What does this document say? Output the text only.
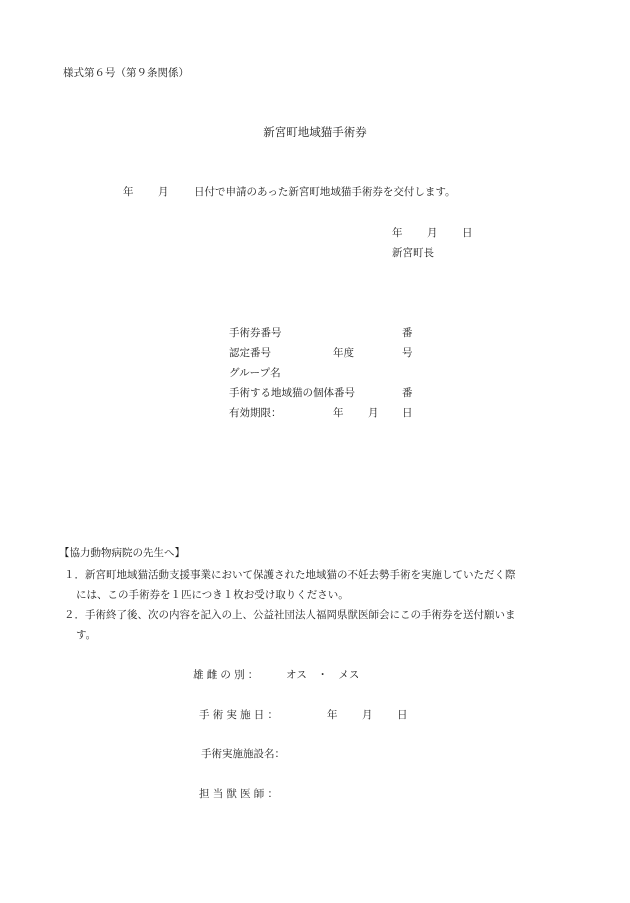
様式第６号（第９条関係）
新宮町地域猫手術券
年 月 日付で申請のあった新宮町地域猫手術券を交付します。
年 月 日
新宮町長
手術券番号	番
認定番号	年度	号
グループ名
手術する地域猫の個体番号	番
有効期限：	年 月 日
【協力動物病院の先生へ】
１．新宮町地域猫活動支援事業において保護された地域猫の不妊去勢手術を実施していただく際
には、この手術券を１匹につき１枚お受け取りください。
２．手術終了後、次の内容を記入の上、公益社団法人福岡県獣医師会にこの手術券を送付願いま
す。
雄雌の別： オス　・　メス
手術実施日：	年 月 日
手術実施施設名：
担当獣医師：
